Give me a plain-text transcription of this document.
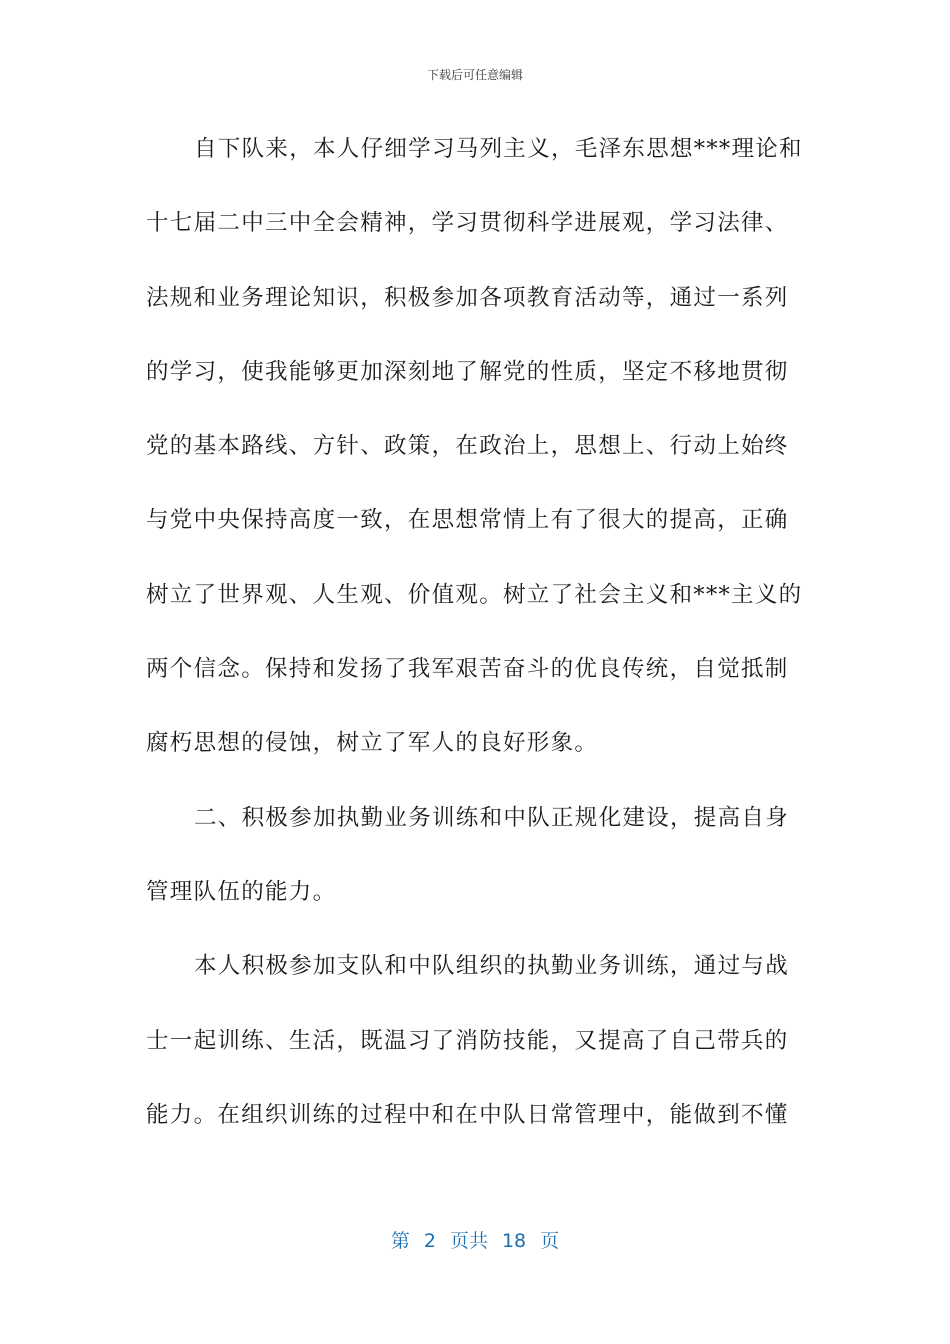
下载后可任意编辑
自下队来，本人仔细学习马列主义，毛泽东思想***理论和
十七届二中三中全会精神，学习贯彻科学进展观，学习法律、
法规和业务理论知识，积极参加各项教育活动等，通过一系列
的学习，使我能够更加深刻地了解党的性质，坚定不移地贯彻
党的基本路线、方针、政策，在政治上，思想上、行动上始终
与党中央保持高度一致，在思想常情上有了很大的提高，正确
树立了世界观、人生观、价值观。树立了社会主义和***主义的
两个信念。保持和发扬了我军艰苦奋斗的优良传统，自觉抵制
腐朽思想的侵蚀，树立了军人的良好形象。
二、积极参加执勤业务训练和中队正规化建设，提高自身
管理队伍的能力。
本人积极参加支队和中队组织的执勤业务训练，通过与战
士一起训练、生活，既温习了消防技能，又提高了自己带兵的
能力。在组织训练的过程中和在中队日常管理中，能做到不懂
第 2 页共 18 页
